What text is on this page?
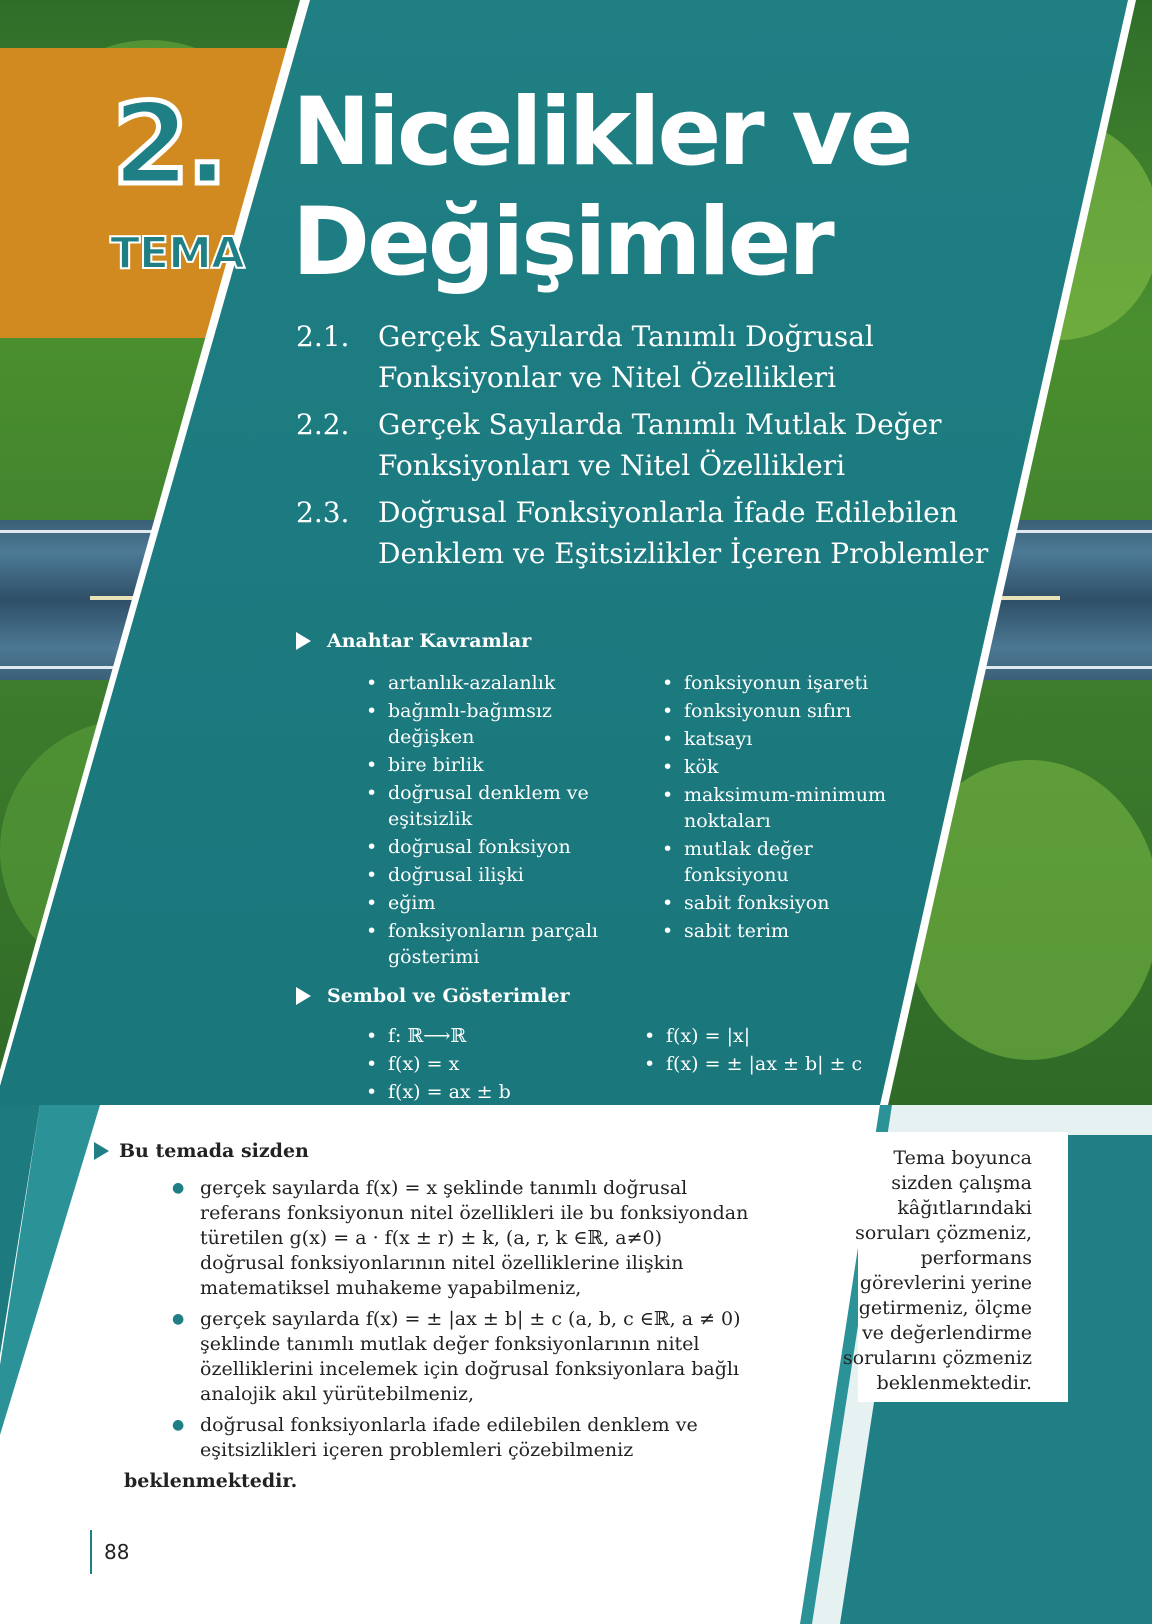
2.
TEMA
Nicelikler ve
Değişimler
2.1.	Gerçek Sayılarda Tanımlı Doğrusal Fonksiyonlar ve Nitel Özellikleri
2.2.	Gerçek Sayılarda Tanımlı Mutlak Değer Fonksiyonları ve Nitel Özellikleri
2.3.	Doğrusal Fonksiyonlarla İfade Edilebilen Denklem ve Eşitsizlikler İçeren Problemler
Anahtar Kavramlar
• artanlık-azalanlık
• bağımlı-bağımsız değişken
• bire birlik
• doğrusal denklem ve eşitsizlik
• doğrusal fonksiyon
• doğrusal ilişki
• eğim
• fonksiyonların parçalı gösterimi
• fonksiyonun işareti
• fonksiyonun sıfırı
• katsayı
• kök
• maksimum-minimum noktaları
• mutlak değer fonksiyonu
• sabit fonksiyon
• sabit terim
Sembol ve Gösterimler
• f: ℝ⟶ℝ
• f(x) = x
• f(x) = ax ± b
• f(x) = |x|
• f(x) = ± |ax ± b| ± c
Tema boyunca sizden çalışma kâğıtlarındaki soruları çözmeniz, performans görevlerini yerine getirmeniz, ölçme ve değerlendirme sorularını çözmeniz beklenmektedir.
Bu temada sizden
● gerçek sayılarda f(x) = x şeklinde tanımlı doğrusal referans fonksiyonun nitel özellikleri ile bu fonksiyondan türetilen g(x) = a · f(x ± r) ± k, (a, r, k ∈ℝ, a≠0) doğrusal fonksiyonlarının nitel özelliklerine ilişkin matematiksel muhakeme yapabilmeniz,
● gerçek sayılarda f(x) = ± |ax ± b| ± c (a, b, c ∈ℝ, a ≠ 0) şeklinde tanımlı mutlak değer fonksiyonlarının nitel özelliklerini incelemek için doğrusal fonksiyonlara bağlı analojik akıl yürütebilmeniz,
● doğrusal fonksiyonlarla ifade edilebilen denklem ve eşitsizlikleri içeren problemleri çözebilmeniz
beklenmektedir.
88
